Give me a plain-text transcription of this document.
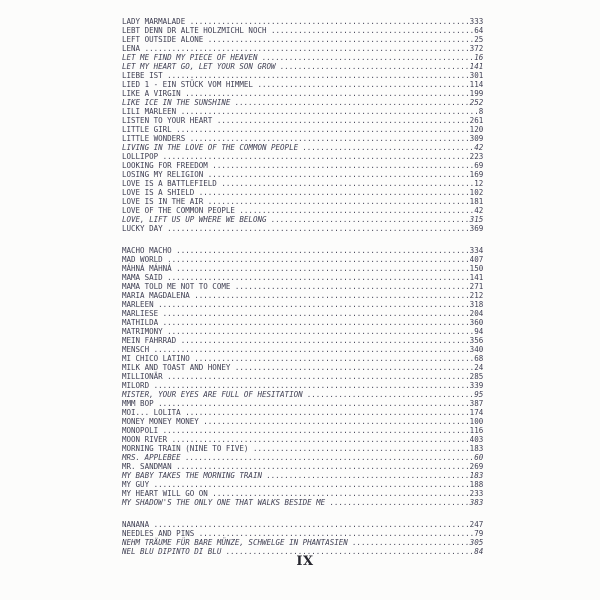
LADY MARMALADE ..............................................................333
LEBT DENN DR ALTE HOLZMICHL NOCH .............................................64
LEFT OUTSIDE ALONE ...........................................................25
LENA ........................................................................372
LET ME FIND MY PIECE OF HEAVEN ...............................................16
LET MY HEART GO, LET YOUR SON GROW ..........................................141
LIEBE IST ...................................................................301
LIED 1 - EIN STÜCK VOM HIMMEL ...............................................114
LIKE A VIRGIN ...............................................................199
LIKE ICE IN THE SUNSHINE ....................................................252
LILI MARLEEN ..................................................................8
LISTEN TO YOUR HEART ........................................................261
LITTLE GIRL .................................................................120
LITTLE WONDERS ..............................................................309
LIVING IN THE LOVE OF THE COMMON PEOPLE ......................................42
LOLLIPOP ....................................................................223
LOOKING FOR FREEDOM ..........................................................69
LOSING MY RELIGION ..........................................................169
LOVE IS A BATTLEFIELD ........................................................12
LOVE IS A SHIELD ............................................................102
LOVE IS IN THE AIR ..........................................................181
LOVE OF THE COMMON PEOPLE ....................................................42
LOVE, LIFT US UP WHERE WE BELONG ............................................315
LUCKY DAY ...................................................................369
MACHO MACHO .................................................................334
MAD WORLD ...................................................................407
MÁHNÁ MÁHNÁ .................................................................150
MAMA SAID ...................................................................141
MAMA TOLD ME NOT TO COME ....................................................271
MARIA MAGDALENA .............................................................212
MARLEEN .....................................................................318
MARLIESE ....................................................................204
MATHILDA ....................................................................360
MATRIMONY ....................................................................94
MEIN FAHRRAD ................................................................356
MENSCH ......................................................................340
MI CHICO LATINO ..............................................................68
MILK AND TOAST AND HONEY .....................................................24
MILLIONÄR ...................................................................285
MILORD ......................................................................339
MISTER, YOUR EYES ARE FULL OF HESITATION .....................................95
MMM BOP .....................................................................387
MOI... LOLITA ...............................................................174
MONEY MONEY MONEY ...........................................................100
MONOPOLI ....................................................................116
MOON RIVER ..................................................................403
MORNING TRAIN (NINE TO FIVE) ................................................183
MRS. APPLEBEE ................................................................60
MR. SANDMAN .................................................................269
MY BABY TAKES THE MORNING TRAIN .............................................183
MY GUY ......................................................................188
MY HEART WILL GO ON .........................................................233
MY SHADOW'S THE ONLY ONE THAT WALKS BESIDE ME ...............................383
NANANA ......................................................................247
NEEDLES AND PINS .............................................................79
NEHM TRÄUME FÜR BARE MÜNZE, SCHWELGE IN PHANTASIEN ..........................305
NEL BLU DIPINTO DI BLU .......................................................84
IX
